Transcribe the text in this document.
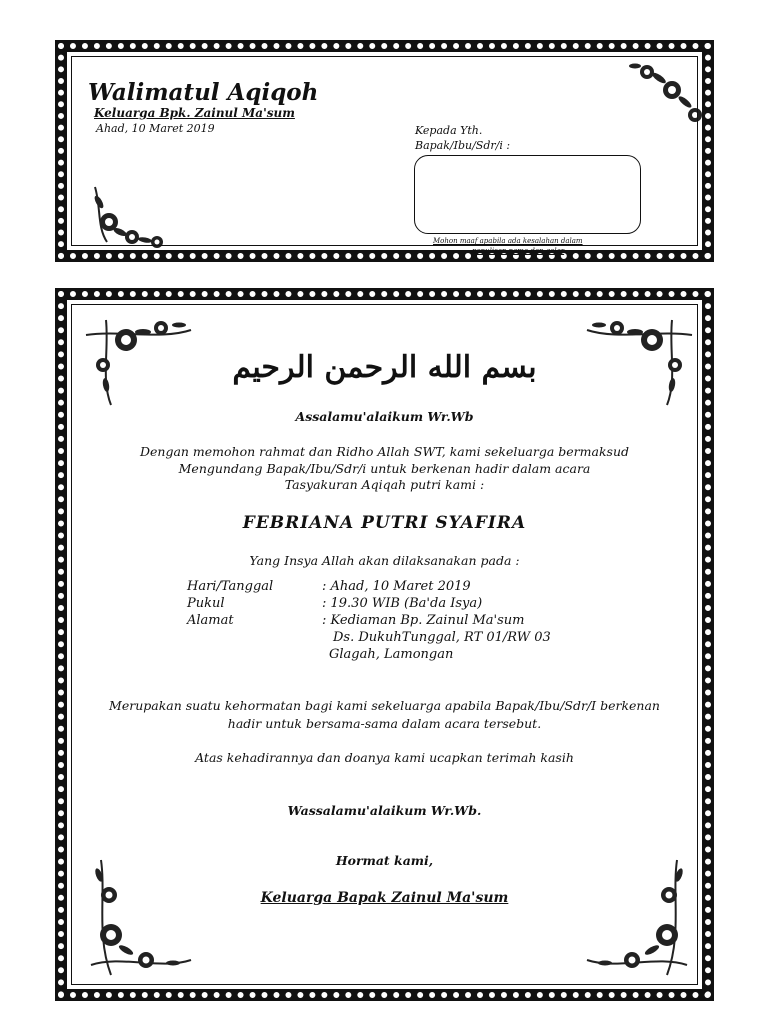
Walimatul Aqiqoh
Keluarga Bpk. Zainul Ma'sum
Ahad, 10 Maret 2019	Kepada Yth.
Bapak/Ibu/Sdr/i :
Mohon maaf apabila ada kesalahan dalam
penulisan nama dan gelar
بسم الله الرحمن الرحيم
Assalamu'alaikum Wr.Wb
Dengan memohon rahmat dan Ridho Allah SWT, kami sekeluarga bermaksud
Mengundang Bapak/Ibu/Sdr/i untuk berkenan hadir dalam acara
Tasyakuran Aqiqah putri kami :
FEBRIANA PUTRI SYAFIRA
Yang Insya Allah akan dilaksanakan pada :
Hari/Tanggal	: Ahad, 10 Maret 2019
Pukul	: 19.30 WIB (Ba'da Isya)
Alamat	: Kediaman Bp. Zainul Ma'sum
Ds. DukuhTunggal, RT 01/RW 03
Glagah, Lamongan
Merupakan suatu kehormatan bagi kami sekeluarga apabila Bapak/Ibu/Sdr/I berkenan
hadir untuk bersama-sama dalam acara tersebut.
Atas kehadirannya dan doanya kami ucapkan terimah kasih
Wassalamu'alaikum Wr.Wb.
Hormat kami,
Keluarga Bapak Zainul Ma'sum
